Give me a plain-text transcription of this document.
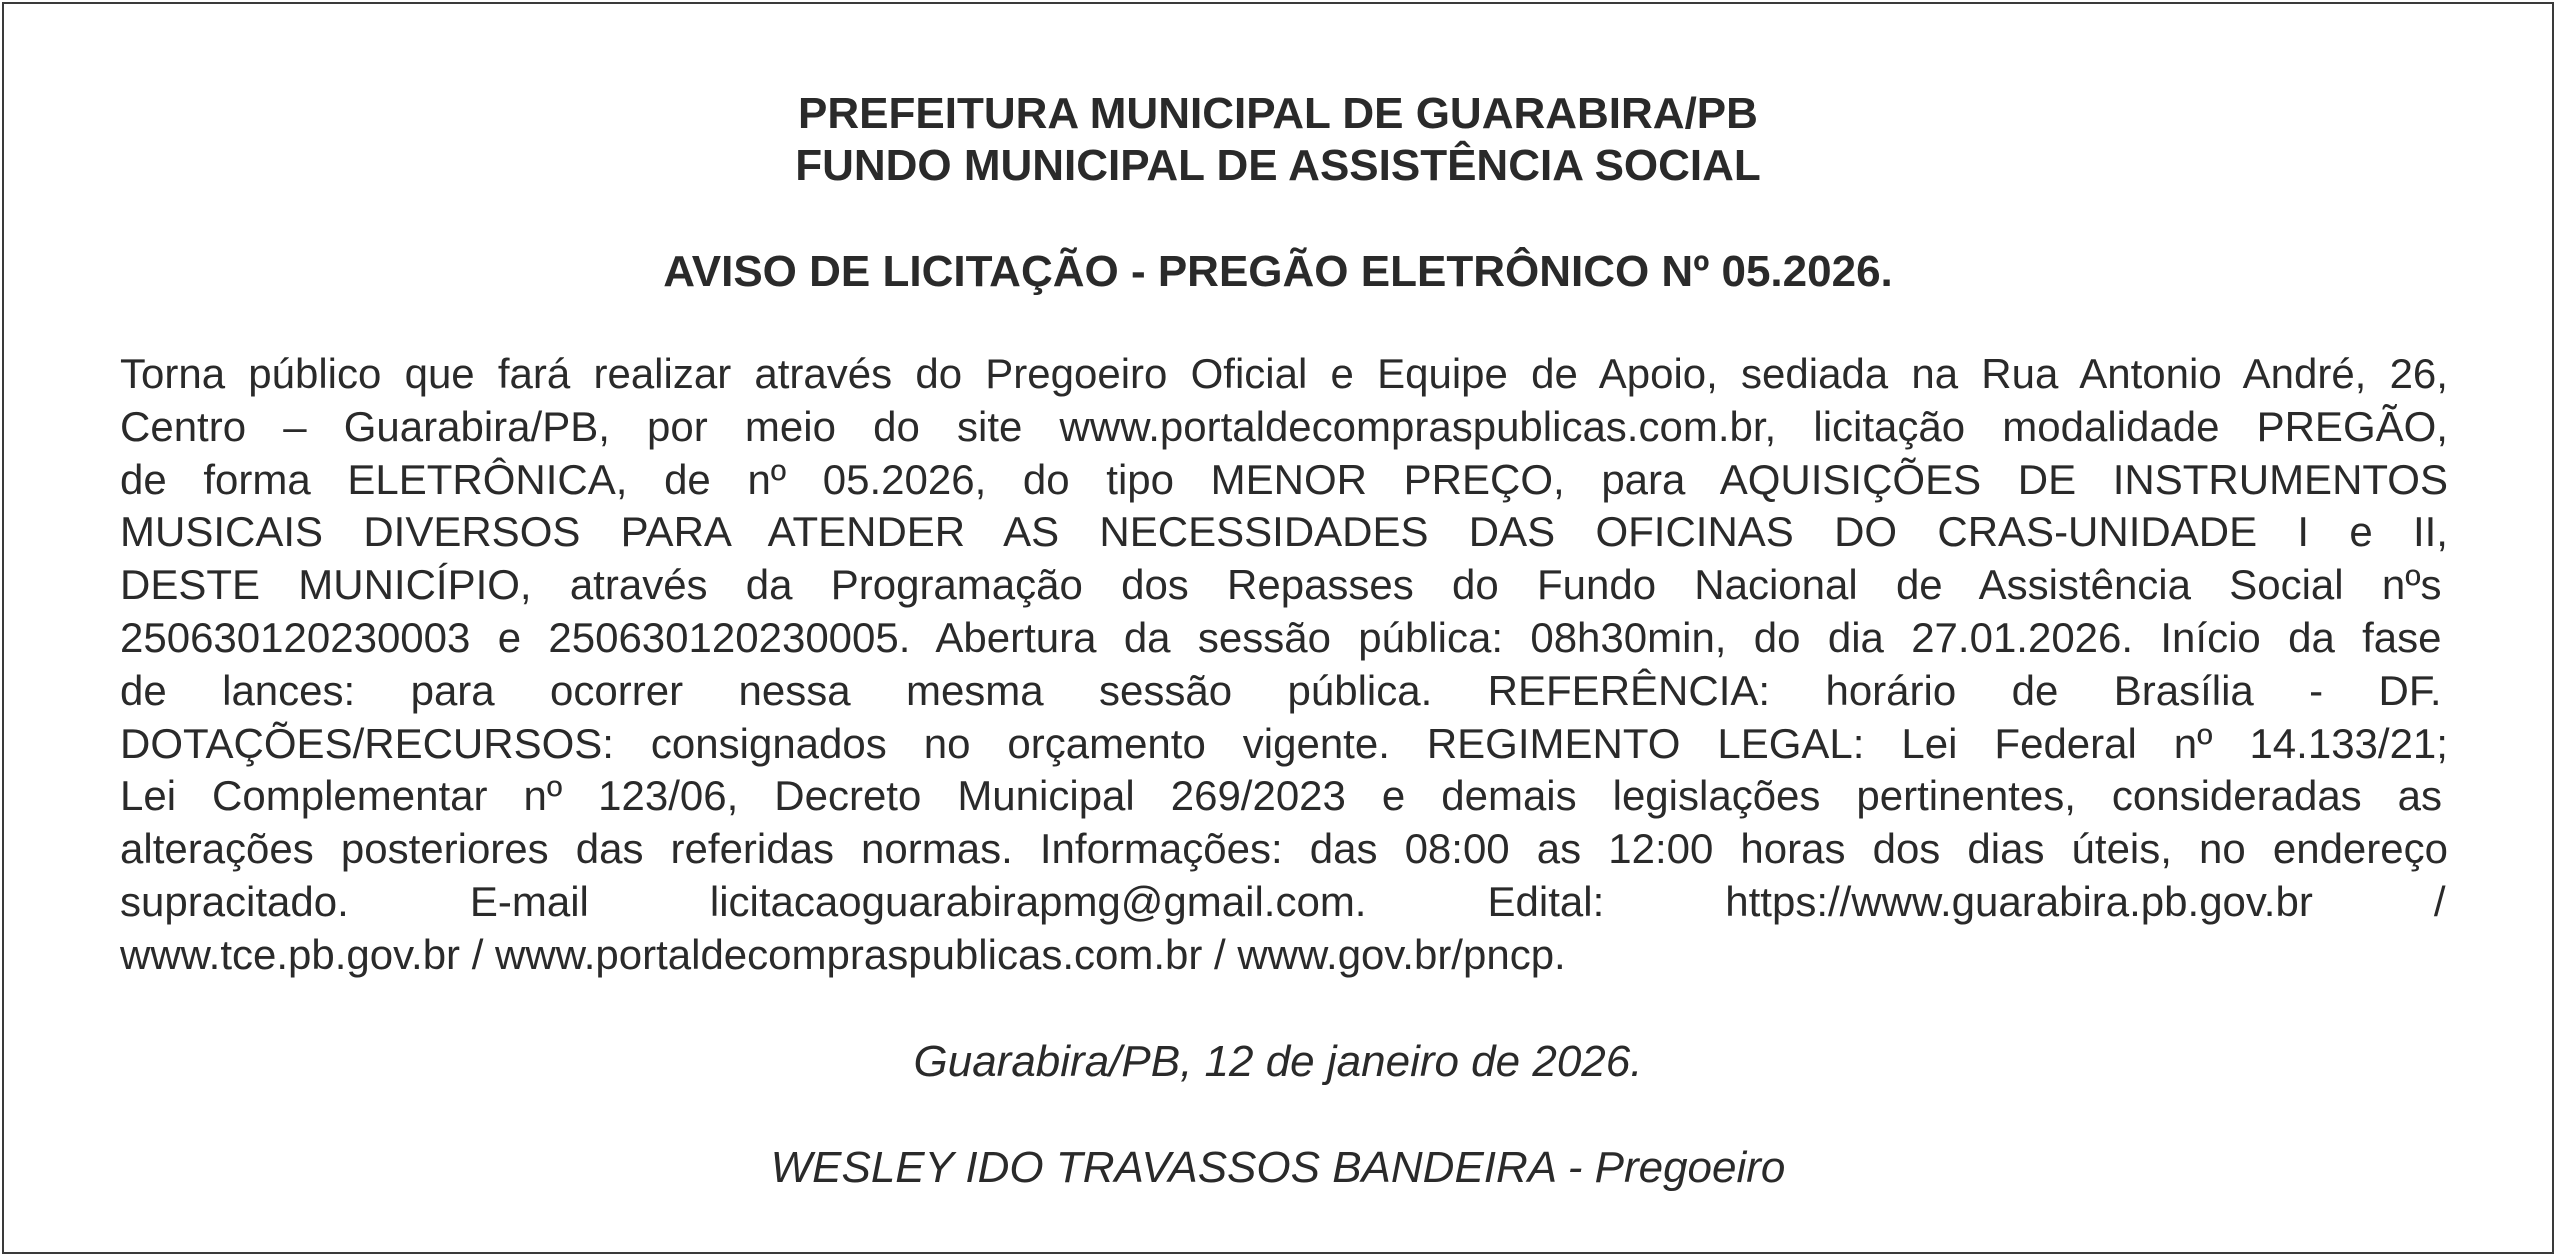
PREFEITURA MUNICIPAL DE GUARABIRA/PB
FUNDO MUNICIPAL DE ASSISTÊNCIA SOCIAL
AVISO DE LICITAÇÃO - PREGÃO ELETRÔNICO Nº 05.2026.
Torna público que fará realizar através do Pregoeiro Oficial e Equipe de Apoio, sediada na Rua Antonio André, 26,
Centro – Guarabira/PB, por meio do site www.portaldecompraspublicas.com.br, licitação modalidade PREGÃO,
de forma ELETRÔNICA, de nº 05.2026, do tipo MENOR PREÇO, para AQUISIÇÕES DE INSTRUMENTOS
MUSICAIS DIVERSOS PARA ATENDER AS NECESSIDADES DAS OFICINAS DO CRAS-UNIDADE I e II,
DESTE MUNICÍPIO, através da Programação dos Repasses do Fundo Nacional de Assistência Social nºs
250630120230003 e 250630120230005. Abertura da sessão pública: 08h30min, do dia 27.01.2026. Início da fase
de lances: para ocorrer nessa mesma sessão pública. REFERÊNCIA: horário de Brasília - DF.
DOTAÇÕES/RECURSOS: consignados no orçamento vigente. REGIMENTO LEGAL: Lei Federal nº 14.133/21;
Lei Complementar nº 123/06, Decreto Municipal 269/2023 e demais legislações pertinentes, consideradas as
alterações posteriores das referidas normas. Informações: das 08:00 as 12:00 horas dos dias úteis, no endereço
supracitado. E-mail licitacaoguarabirapmg@gmail.com. Edital: https://www.guarabira.pb.gov.br /
www.tce.pb.gov.br / www.portaldecompraspublicas.com.br / www.gov.br/pncp.
Guarabira/PB, 12 de janeiro de 2026.
WESLEY IDO TRAVASSOS BANDEIRA - Pregoeiro
